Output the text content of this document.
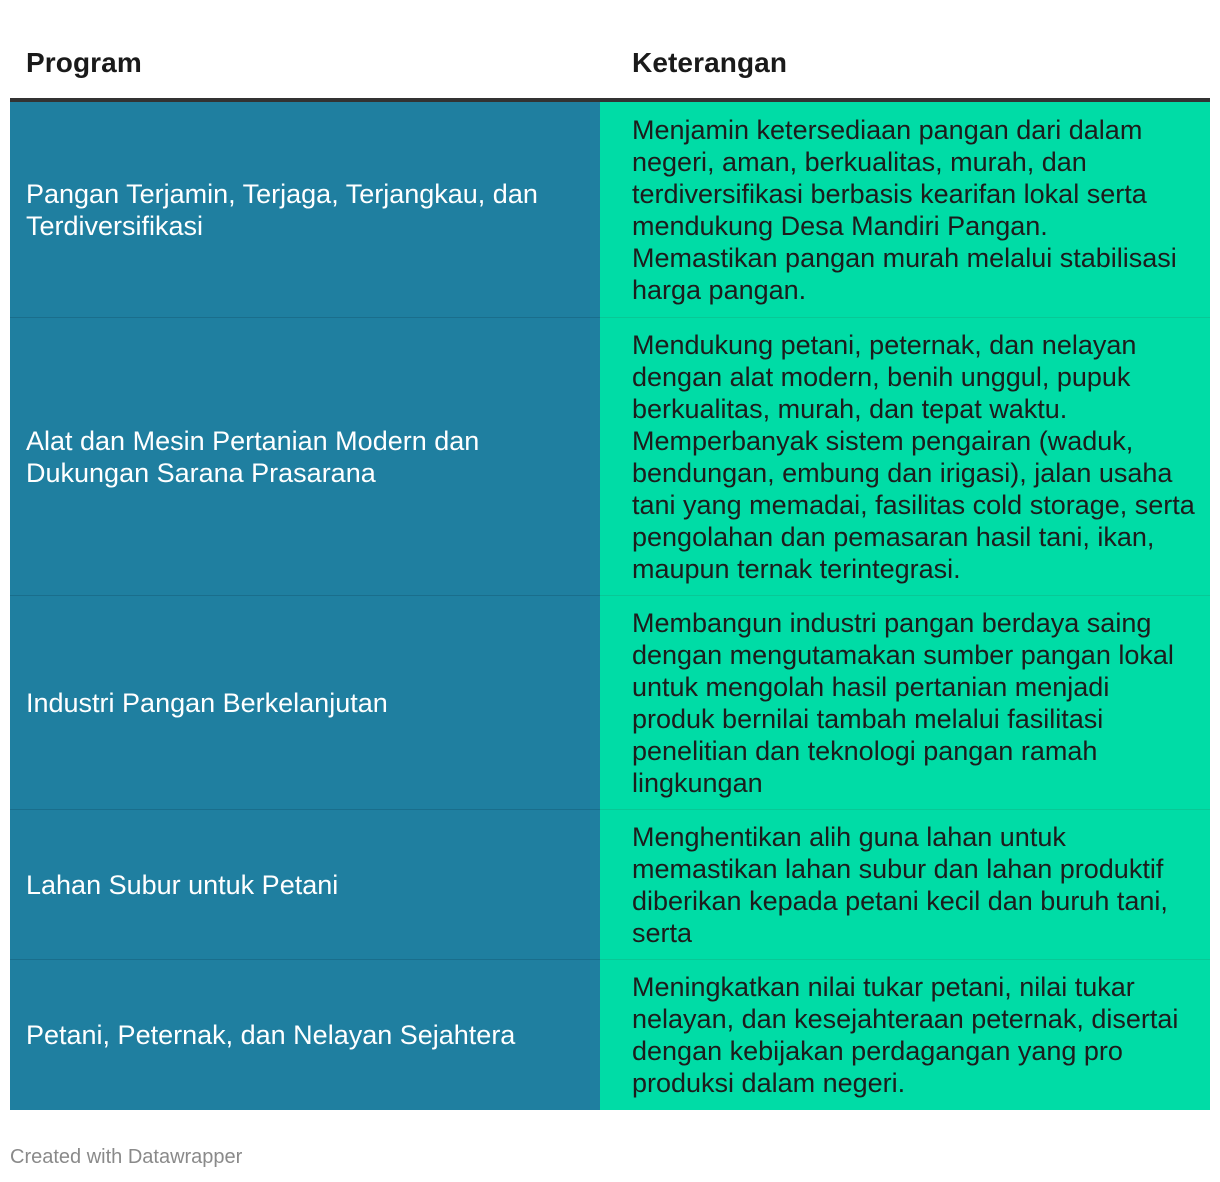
Program	Keterangan
Pangan Terjamin, Terjaga, Terjangkau, dan Terdiversifikasi
Menjamin ketersediaan pangan dari dalam negeri, aman, berkualitas, murah, dan terdiversifikasi berbasis kearifan lokal serta mendukung Desa Mandiri Pangan. Memastikan pangan murah melalui stabilisasi harga pangan.
Alat dan Mesin Pertanian Modern dan Dukungan Sarana Prasarana
Mendukung petani, peternak, dan nelayan dengan alat modern, benih unggul, pupuk berkualitas, murah, dan tepat waktu. Memperbanyak sistem pengairan (waduk, bendungan, embung dan irigasi), jalan usaha tani yang memadai, fasilitas cold storage, serta pengolahan dan pemasaran hasil tani, ikan, maupun ternak terintegrasi.
Industri Pangan Berkelanjutan
Membangun industri pangan berdaya saing dengan mengutamakan sumber pangan lokal untuk mengolah hasil pertanian menjadi produk bernilai tambah melalui fasilitasi penelitian dan teknologi pangan ramah lingkungan
Lahan Subur untuk Petani
Menghentikan alih guna lahan untuk memastikan lahan subur dan lahan produktif diberikan kepada petani kecil dan buruh tani, serta
Petani, Peternak, dan Nelayan Sejahtera
Meningkatkan nilai tukar petani, nilai tukar nelayan, dan kesejahteraan peternak, disertai dengan kebijakan perdagangan yang pro produksi dalam negeri.
Created with Datawrapper
